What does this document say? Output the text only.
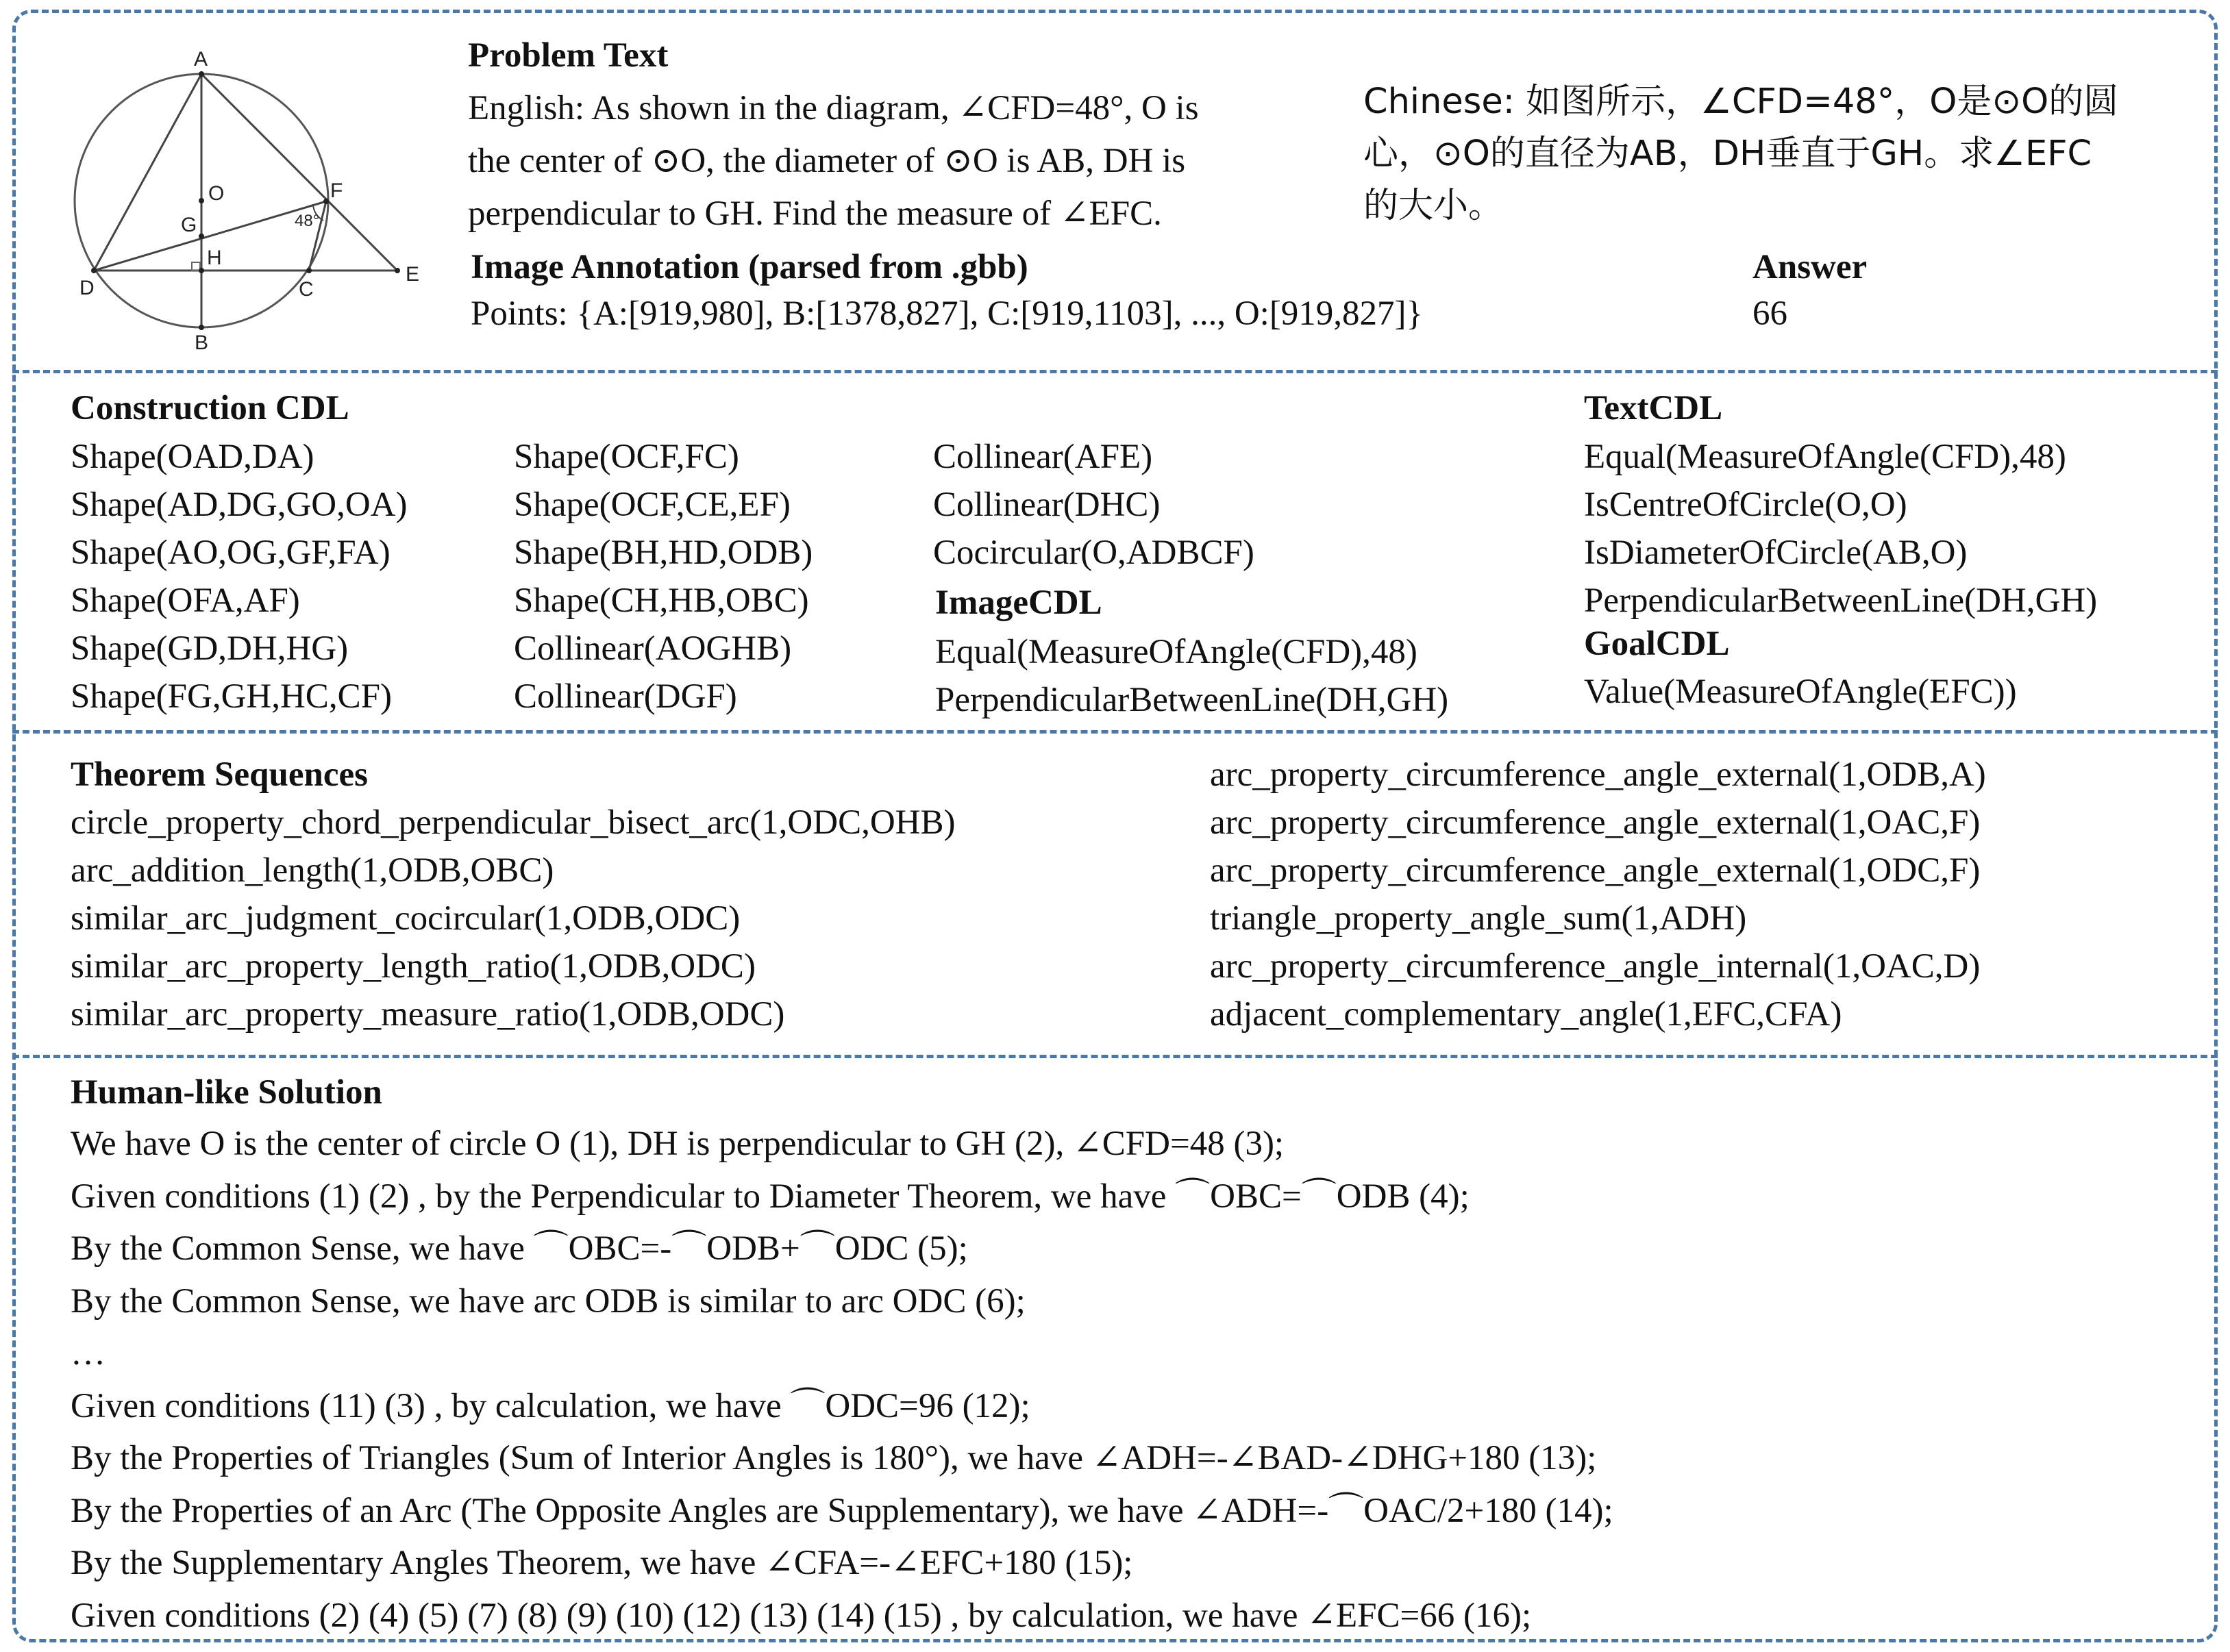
A
B
C
D
E
F
G
H
O
48°
Problem Text
English: As shown in the diagram, ∠CFD=48°, O is
the center of ⊙O, the diameter of ⊙O is AB, DH is
perpendicular to GH. Find the measure of ∠EFC.
Chinese: 如图所示，∠CFD=48°，O是⊙O的圆
心，⊙O的直径为AB，DH垂直于GH。求∠EFC
的大小。
Image Annotation (parsed from .gbb)
Points: {A:[919,980], B:[1378,827], C:[919,1103], ..., O:[919,827]}
Answer
66
Construction CDL
Shape(OAD,DA)
Shape(AD,DG,GO,OA)
Shape(AO,OG,GF,FA)
Shape(OFA,AF)
Shape(GD,DH,HG)
Shape(FG,GH,HC,CF)
Shape(OCF,FC)
Shape(OCF,CE,EF)
Shape(BH,HD,ODB)
Shape(CH,HB,OBC)
Collinear(AOGHB)
Collinear(DGF)
Collinear(AFE)
Collinear(DHC)
Cocircular(O,ADBCF)
ImageCDL
Equal(MeasureOfAngle(CFD),48)
PerpendicularBetweenLine(DH,GH)
TextCDL
Equal(MeasureOfAngle(CFD),48)
IsCentreOfCircle(O,O)
IsDiameterOfCircle(AB,O)
PerpendicularBetweenLine(DH,GH)
GoalCDL
Value(MeasureOfAngle(EFC))
Theorem Sequences
circle_property_chord_perpendicular_bisect_arc(1,ODC,OHB)
arc_addition_length(1,ODB,OBC)
similar_arc_judgment_cocircular(1,ODB,ODC)
similar_arc_property_length_ratio(1,ODB,ODC)
similar_arc_property_measure_ratio(1,ODB,ODC)
arc_property_circumference_angle_external(1,ODB,A)
arc_property_circumference_angle_external(1,OAC,F)
arc_property_circumference_angle_external(1,ODC,F)
triangle_property_angle_sum(1,ADH)
arc_property_circumference_angle_internal(1,OAC,D)
adjacent_complementary_angle(1,EFC,CFA)
Human-like Solution
We have O is the center of circle O (1), DH is perpendicular to GH (2), ∠CFD=48 (3);
Given conditions (1) (2) , by the Perpendicular to Diameter Theorem, we have ⌒OBC=⌒ODB (4);
By the Common Sense, we have ⌒OBC=-⌒ODB+⌒ODC (5);
By the Common Sense, we have arc ODB is similar to arc ODC (6);
…
Given conditions (11) (3) , by calculation, we have ⌒ODC=96 (12);
By the Properties of Triangles (Sum of Interior Angles is 180°), we have ∠ADH=-∠BAD-∠DHG+180 (13);
By the Properties of an Arc (The Opposite Angles are Supplementary), we have ∠ADH=-⌒OAC/2+180 (14);
By the Supplementary Angles Theorem, we have ∠CFA=-∠EFC+180 (15);
Given conditions (2) (4) (5) (7) (8) (9) (10) (12) (13) (14) (15) , by calculation, we have ∠EFC=66 (16);
